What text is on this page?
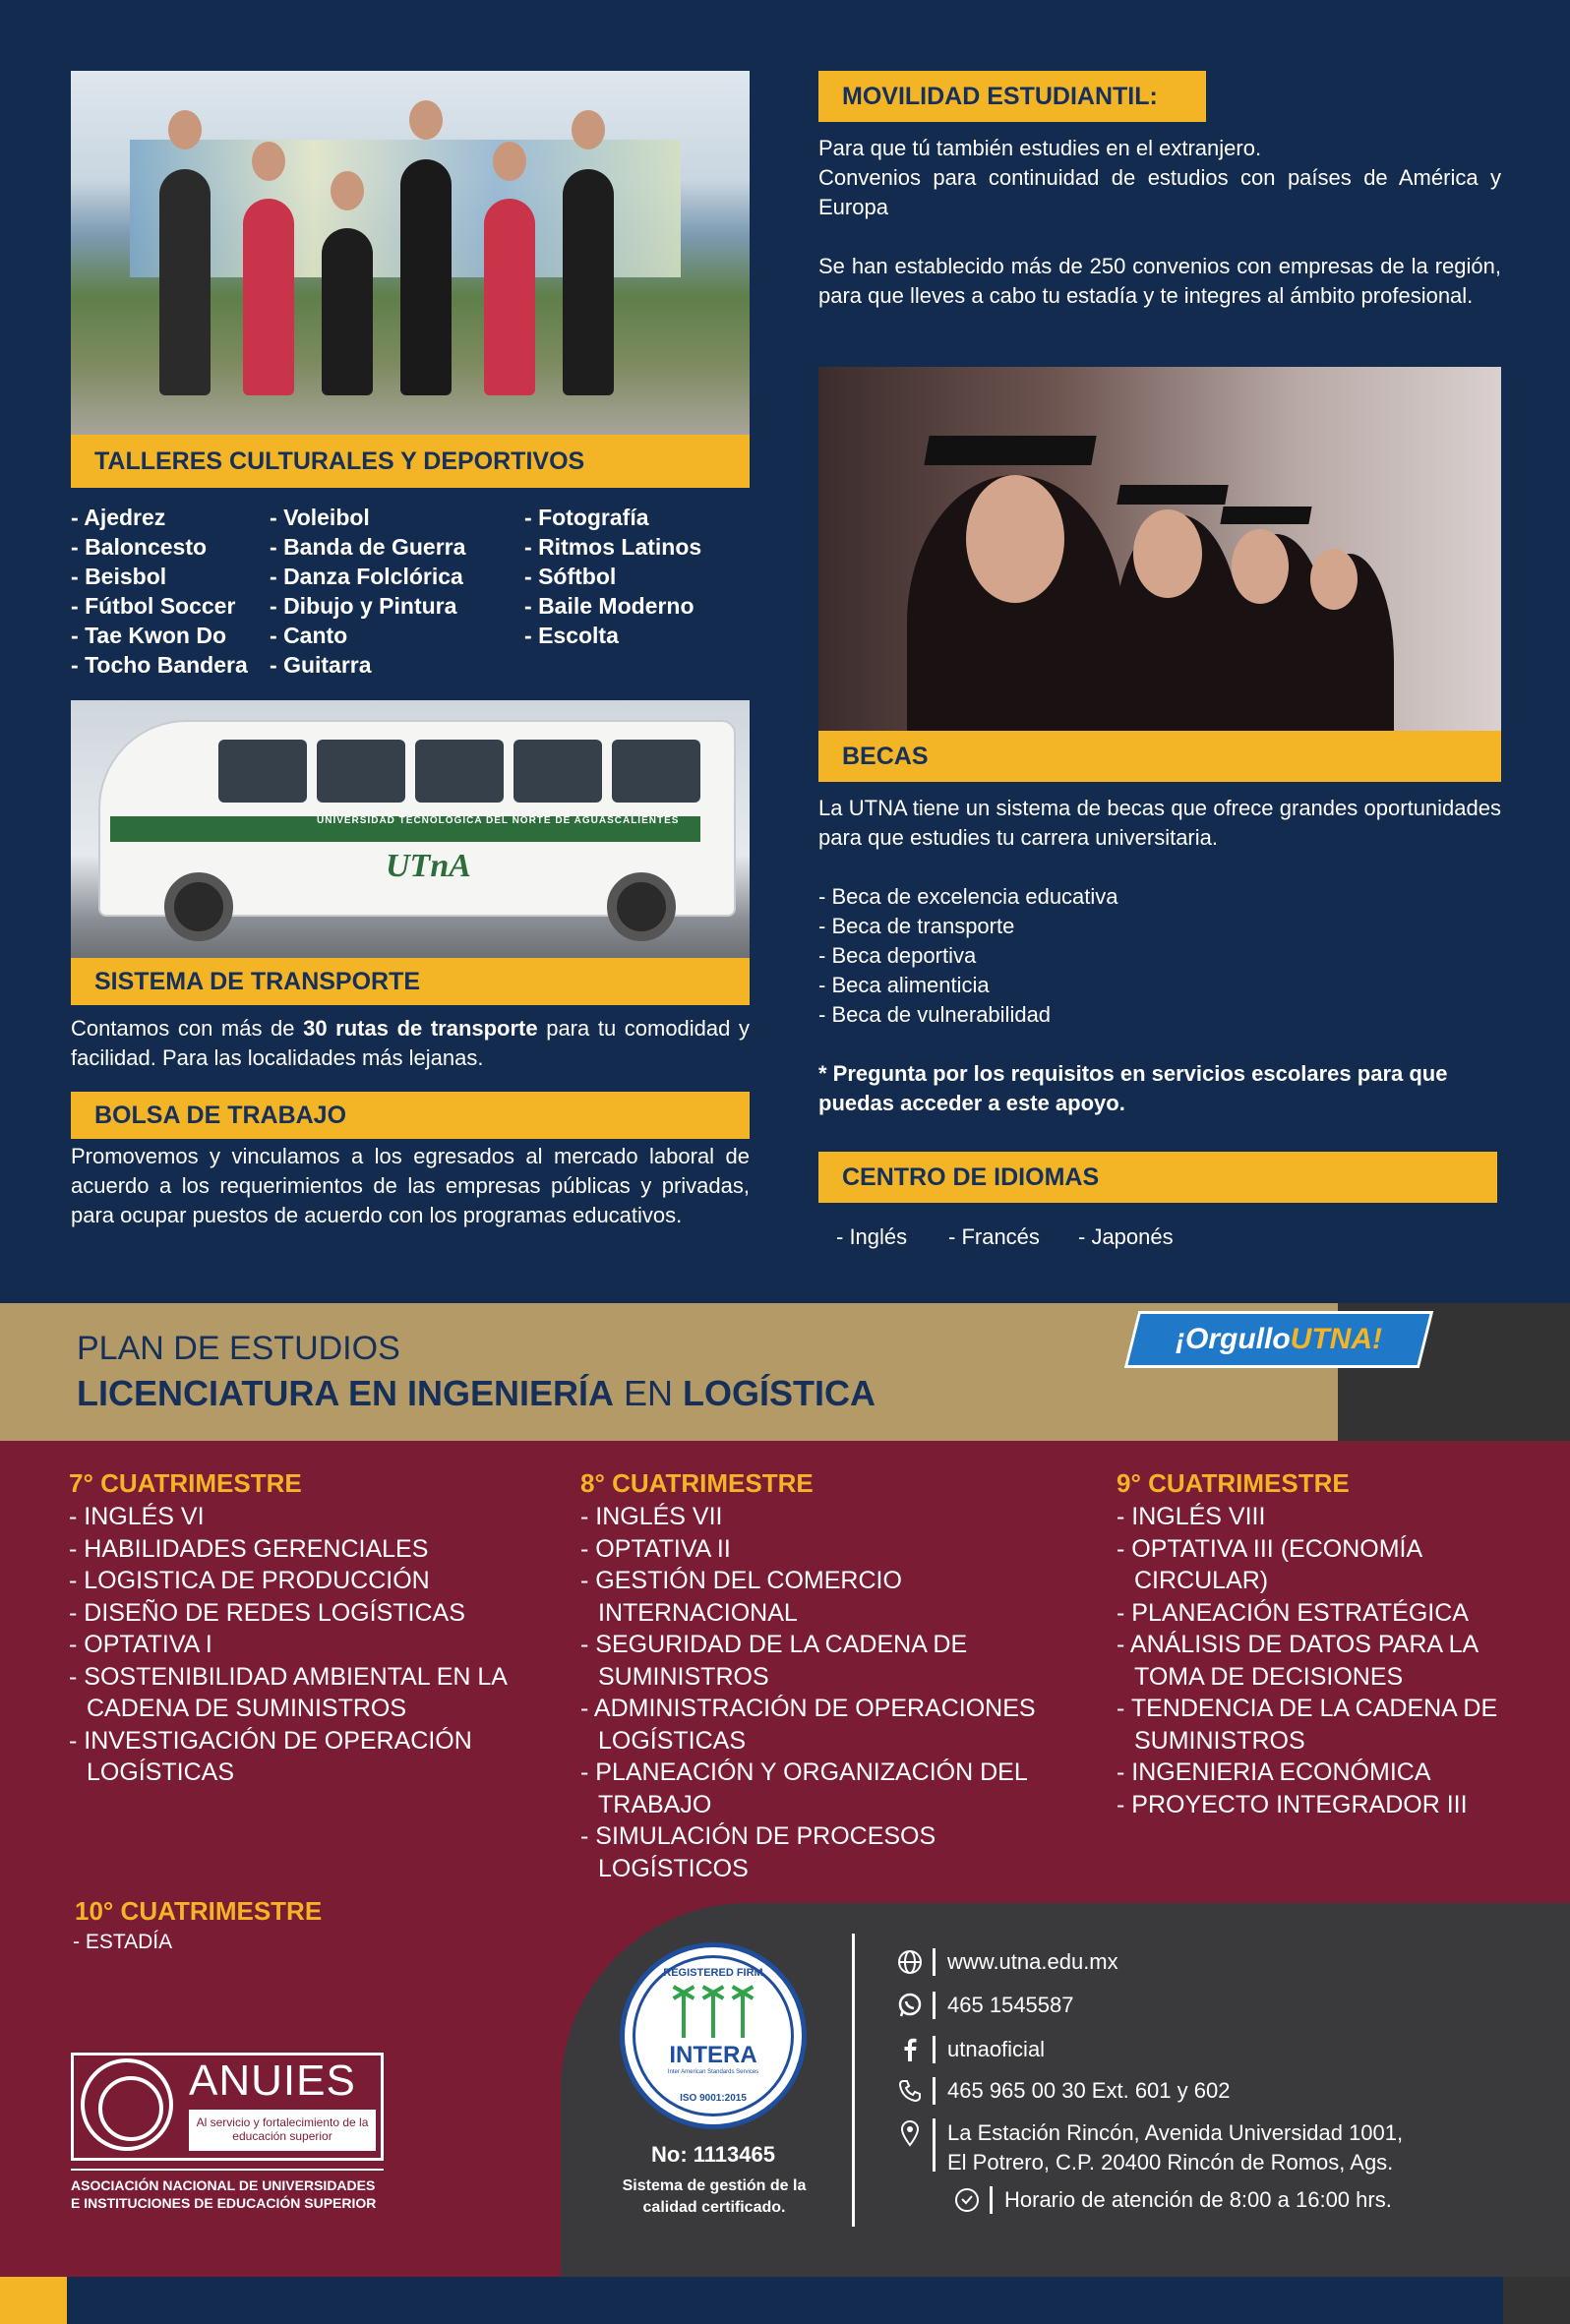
TALLERES CULTURALES Y DEPORTIVOS
- Ajedrez
- Baloncesto
- Beisbol
- Fútbol Soccer
- Tae Kwon Do
- Tocho Bandera
- Voleibol
- Banda de Guerra
- Danza Folclórica
- Dibujo y Pintura
- Canto
- Guitarra
- Fotografía
- Ritmos Latinos
- Sóftbol
- Baile Moderno
- Escolta
UNIVERSIDAD TECNOLÓGICA DEL NORTE DE AGUASCALIENTES
UTnA
SISTEMA DE TRANSPORTE
Contamos con más de 30 rutas de transporte para tu comodidad y facilidad. Para las localidades más lejanas.
BOLSA DE TRABAJO
Promovemos y vinculamos a los egresados al mercado laboral de acuerdo a los requerimientos de las empresas públicas y privadas, para ocupar puestos de acuerdo con los programas educativos.
MOVILIDAD ESTUDIANTIL:
Para que tú también estudies en el extranjero.
Convenios para continuidad de estudios con países de América y Europa
Se han establecido más de 250 convenios con empresas de la región, para que lleves a cabo tu estadía y te integres al ámbito profesional.
BECAS
La UTNA tiene un sistema de becas que ofrece grandes oportunidades para que estudies tu carrera universitaria.
- Beca de excelencia educativa
- Beca de transporte
- Beca deportiva
- Beca alimenticia
- Beca de vulnerabilidad
* Pregunta por los requisitos en servicios escolares para que puedas acceder a este apoyo.
CENTRO DE IDIOMAS
- Inglés - Francés - Japonés
¡OrgulloUTNA!
PLAN DE ESTUDIOS
LICENCIATURA EN INGENIERÍA EN LOGÍSTICA
7° CUATRIMESTRE
- INGLÉS VI
- HABILIDADES GERENCIALES
- LOGISTICA DE PRODUCCIÓN
- DISEÑO DE REDES LOGÍSTICAS
- OPTATIVA I
- SOSTENIBILIDAD AMBIENTAL EN LA CADENA DE SUMINISTROS
- INVESTIGACIÓN DE OPERACIÓN LOGÍSTICAS
8° CUATRIMESTRE
- INGLÉS VII
- OPTATIVA II
- GESTIÓN DEL COMERCIO INTERNACIONAL
- SEGURIDAD DE LA CADENA DE SUMINISTROS
- ADMINISTRACIÓN DE OPERACIONES LOGÍSTICAS
- PLANEACIÓN Y ORGANIZACIÓN DEL TRABAJO
- SIMULACIÓN DE PROCESOS LOGÍSTICOS
9° CUATRIMESTRE
- INGLÉS VIII
- OPTATIVA III (ECONOMÍA CIRCULAR)
- PLANEACIÓN ESTRATÉGICA
- ANÁLISIS DE DATOS PARA LA TOMA DE DECISIONES
- TENDENCIA DE LA CADENA DE SUMINISTROS
- INGENIERIA ECONÓMICA
- PROYECTO INTEGRADOR III
10° CUATRIMESTRE
- ESTADÍA
REGISTERED FIRM
INTERA
Inter American Standards Services
ISO 9001:2015
No: 1113465
Sistema de gestión de la calidad certificado.
www.utna.edu.mx
465 1545587
utnaoficial
465 965 00 30 Ext. 601 y 602
La Estación Rincón, Avenida Universidad 1001,
El Potrero, C.P. 20400 Rincón de Romos, Ags.
Horario de atención de 8:00 a 16:00 hrs.
ANUIES
Al servicio y fortalecimiento de la educación superior
ASOCIACIÓN NACIONAL DE UNIVERSIDADES
E INSTITUCIONES DE EDUCACIÓN SUPERIOR
